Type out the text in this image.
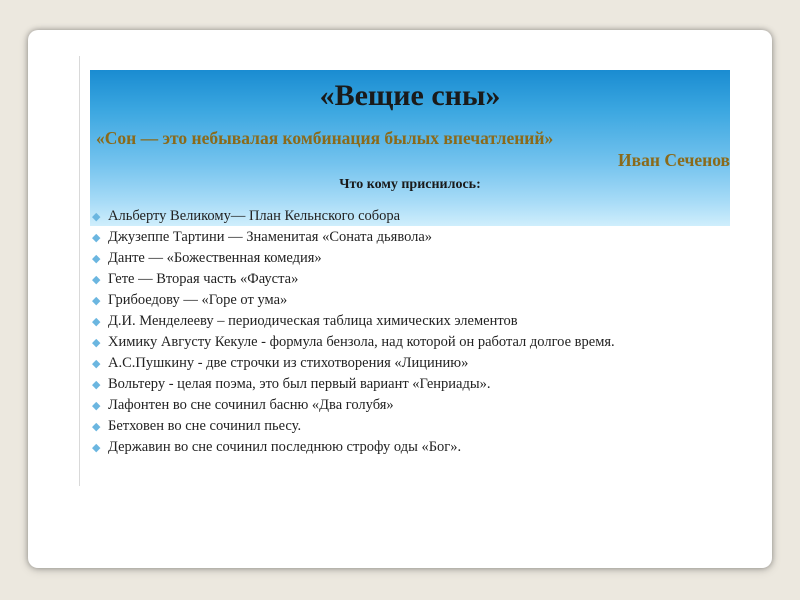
«Вещие сны»
«Сон — это небывалая комбинация былых впечатлений»
Иван Сеченов
Что кому приснилось:
◆ Альберту Великому— План Кельнского собора
◆ Джузеппе Тартини — Знаменитая «Соната дьявола»
◆ Данте — «Божественная комедия»
◆ Гете — Вторая часть «Фауста»
◆ Грибоедову — «Горе от ума»
◆ Д.И. Менделееву – периодическая таблица химических элементов
◆ Химику Августу Кекуле - формула бензола, над которой он работал долгое время.
◆ А.С.Пушкину - две строчки из стихотворения «Лицинию»
◆ Вольтеру - целая поэма, это был первый вариант «Генриады».
◆ Лафонтен во сне сочинил басню «Два голубя»
◆ Бетховен во сне сочинил пьесу.
◆ Державин во сне сочинил последнюю строфу оды «Бог».
